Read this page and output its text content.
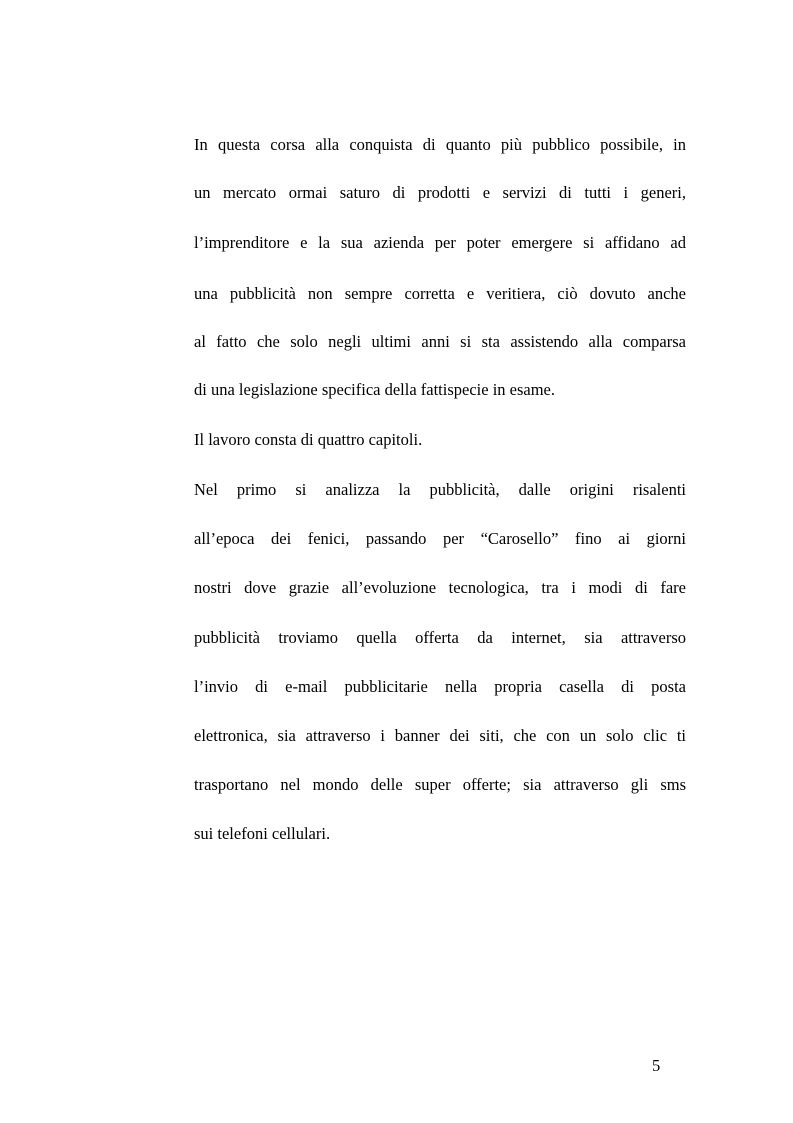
In questa corsa alla conquista di quanto più pubblico possibile, in
un mercato ormai saturo di prodotti e servizi di tutti i generi,
l’imprenditore e la sua azienda per poter emergere si affidano ad
una pubblicità non sempre corretta e veritiera, ciò dovuto anche
al fatto che solo negli ultimi anni si sta assistendo alla comparsa
di una legislazione specifica della fattispecie in esame.
Il lavoro consta di quattro capitoli.
Nel primo si analizza la pubblicità, dalle origini risalenti
all’epoca dei fenici, passando per “Carosello” fino ai giorni
nostri dove grazie all’evoluzione tecnologica, tra i modi di fare
pubblicità troviamo quella offerta da internet, sia attraverso
l’invio di e-mail pubblicitarie nella propria casella di posta
elettronica, sia attraverso i banner dei siti, che con un solo clic ti
trasportano nel mondo delle super offerte; sia attraverso gli sms
sui telefoni cellulari.
5
